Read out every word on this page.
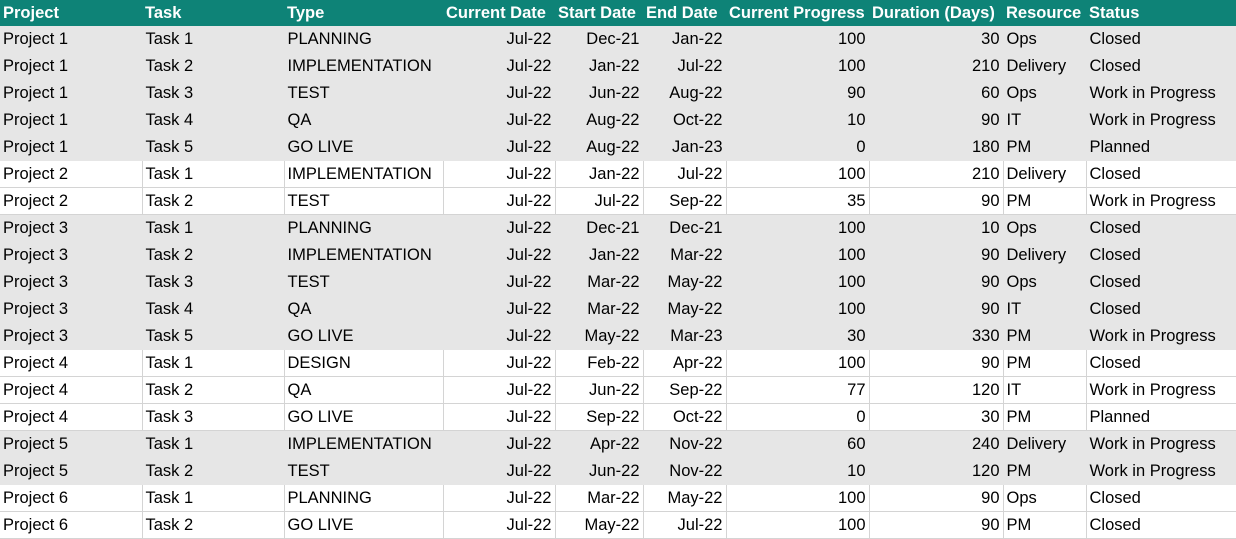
Project	Task	Type	Current Date	Start Date	End Date	Current Progress	Duration (Days)	Resource	Status
Project 1	Task 1	PLANNING	Jul-22	Dec-21	Jan-22	100	30	Ops	Closed
Project 1	Task 2	IMPLEMENTATION	Jul-22	Jan-22	Jul-22	100	210	Delivery	Closed
Project 1	Task 3	TEST	Jul-22	Jun-22	Aug-22	90	60	Ops	Work in Progress
Project 1	Task 4	QA	Jul-22	Aug-22	Oct-22	10	90	IT	Work in Progress
Project 1	Task 5	GO LIVE	Jul-22	Aug-22	Jan-23	0	180	PM	Planned
Project 2	Task 1	IMPLEMENTATION	Jul-22	Jan-22	Jul-22	100	210	Delivery	Closed
Project 2	Task 2	TEST	Jul-22	Jul-22	Sep-22	35	90	PM	Work in Progress
Project 3	Task 1	PLANNING	Jul-22	Dec-21	Dec-21	100	10	Ops	Closed
Project 3	Task 2	IMPLEMENTATION	Jul-22	Jan-22	Mar-22	100	90	Delivery	Closed
Project 3	Task 3	TEST	Jul-22	Mar-22	May-22	100	90	Ops	Closed
Project 3	Task 4	QA	Jul-22	Mar-22	May-22	100	90	IT	Closed
Project 3	Task 5	GO LIVE	Jul-22	May-22	Mar-23	30	330	PM	Work in Progress
Project 4	Task 1	DESIGN	Jul-22	Feb-22	Apr-22	100	90	PM	Closed
Project 4	Task 2	QA	Jul-22	Jun-22	Sep-22	77	120	IT	Work in Progress
Project 4	Task 3	GO LIVE	Jul-22	Sep-22	Oct-22	0	30	PM	Planned
Project 5	Task 1	IMPLEMENTATION	Jul-22	Apr-22	Nov-22	60	240	Delivery	Work in Progress
Project 5	Task 2	TEST	Jul-22	Jun-22	Nov-22	10	120	PM	Work in Progress
Project 6	Task 1	PLANNING	Jul-22	Mar-22	May-22	100	90	Ops	Closed
Project 6	Task 2	GO LIVE	Jul-22	May-22	Jul-22	100	90	PM	Closed
